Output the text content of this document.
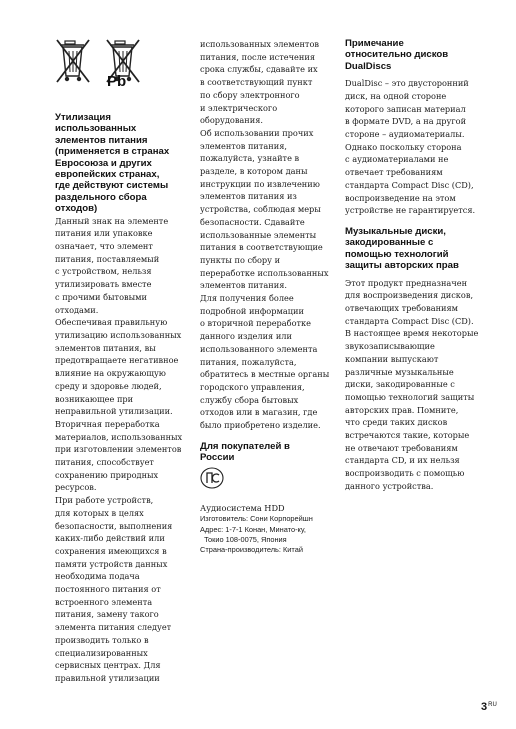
Pb

Утилизация

использованных

элементов питания

(применяется в странах

Евросоюза и других

европейских странах,

где действуют системы

раздельного сбора

отходов)

Данный знак на элементе

питания или упаковке

означает, что элемент

питания, поставляемый

с устройством, нельзя

утилизировать вместе

с прочими бытовыми

отходами.

Обеспечивая правильную

утилизацию использованных

элементов питания, вы

предотвращаете негативное

влияние на окружающую

среду и здоровье людей,

возникающее при

неправильной утилизации.

Вторичная переработка

материалов, использованных

при изготовлении элементов

питания, способствует

сохранению природных

ресурсов.

При работе устройств,

для которых в целях

безопасности, выполнения

каких-либо действий или

сохранения имеющихся в

памяти устройств данных

необходима подача

постоянного питания от

встроенного элемента

питания, замену такого

элемента питания следует

производить только в

специализированных

сервисных центрах. Для

правильной утилизации

использованных элементов

питания, после истечения

срока службы, сдавайте их

в соответствующий пункт

по сбору электронного

и электрического

оборудования.

Об использовании прочих

элементов питания,

пожалуйста, узнайте в

разделе, в котором даны

инструкции по извлечению

элементов питания из

устройства, соблюдая меры

безопасности. Сдавайте

использованные элементы

питания в соответствующие

пункты по сбору и

переработке использованных

элементов питания.

Для получения более

подробной информации

о вторичной переработке

данного изделия или

использованного элемента

питания, пожалуйста,

обратитесь в местные органы

городского управления,

службу сбора бытовых

отходов или в магазин, где

было приобретено изделие.

Для покупателей в

России

Аудиосистема HDD

Изготовитель: Сони Корпорейшн

Адрес: 1-7-1 Конан, Минато-ку,

Токио 108-0075, Япония

Страна-производитель: Китай

Примечание

относительно дисков

DualDiscs

DualDisc – это двусторонний

диск, на одной стороне

которого записан материал

в формате DVD, а на другой

стороне – аудиоматериалы.

Однако поскольку сторона

с аудиоматериалами не

отвечает требованиям

стандарта Compact Disc (CD),

воспроизведение на этом

устройстве не гарантируется.

Музыкальные диски,

закодированные с

помощью технологий

защиты авторских прав

Этот продукт предназначен

для воспроизведения дисков,

отвечающих требованиям

стандарта Compact Disc (CD).

В настоящее время некоторые

звукозаписывающие

компании выпускают

различные музыкальные

диски, закодированные с

помощью технологий защиты

авторских прав. Помните,

что среди таких дисков

встречаются такие, которые

не отвечают требованиям

стандарта CD, и их нельзя

воспроизводить с помощью

данного устройства.

$3^{RU}$
